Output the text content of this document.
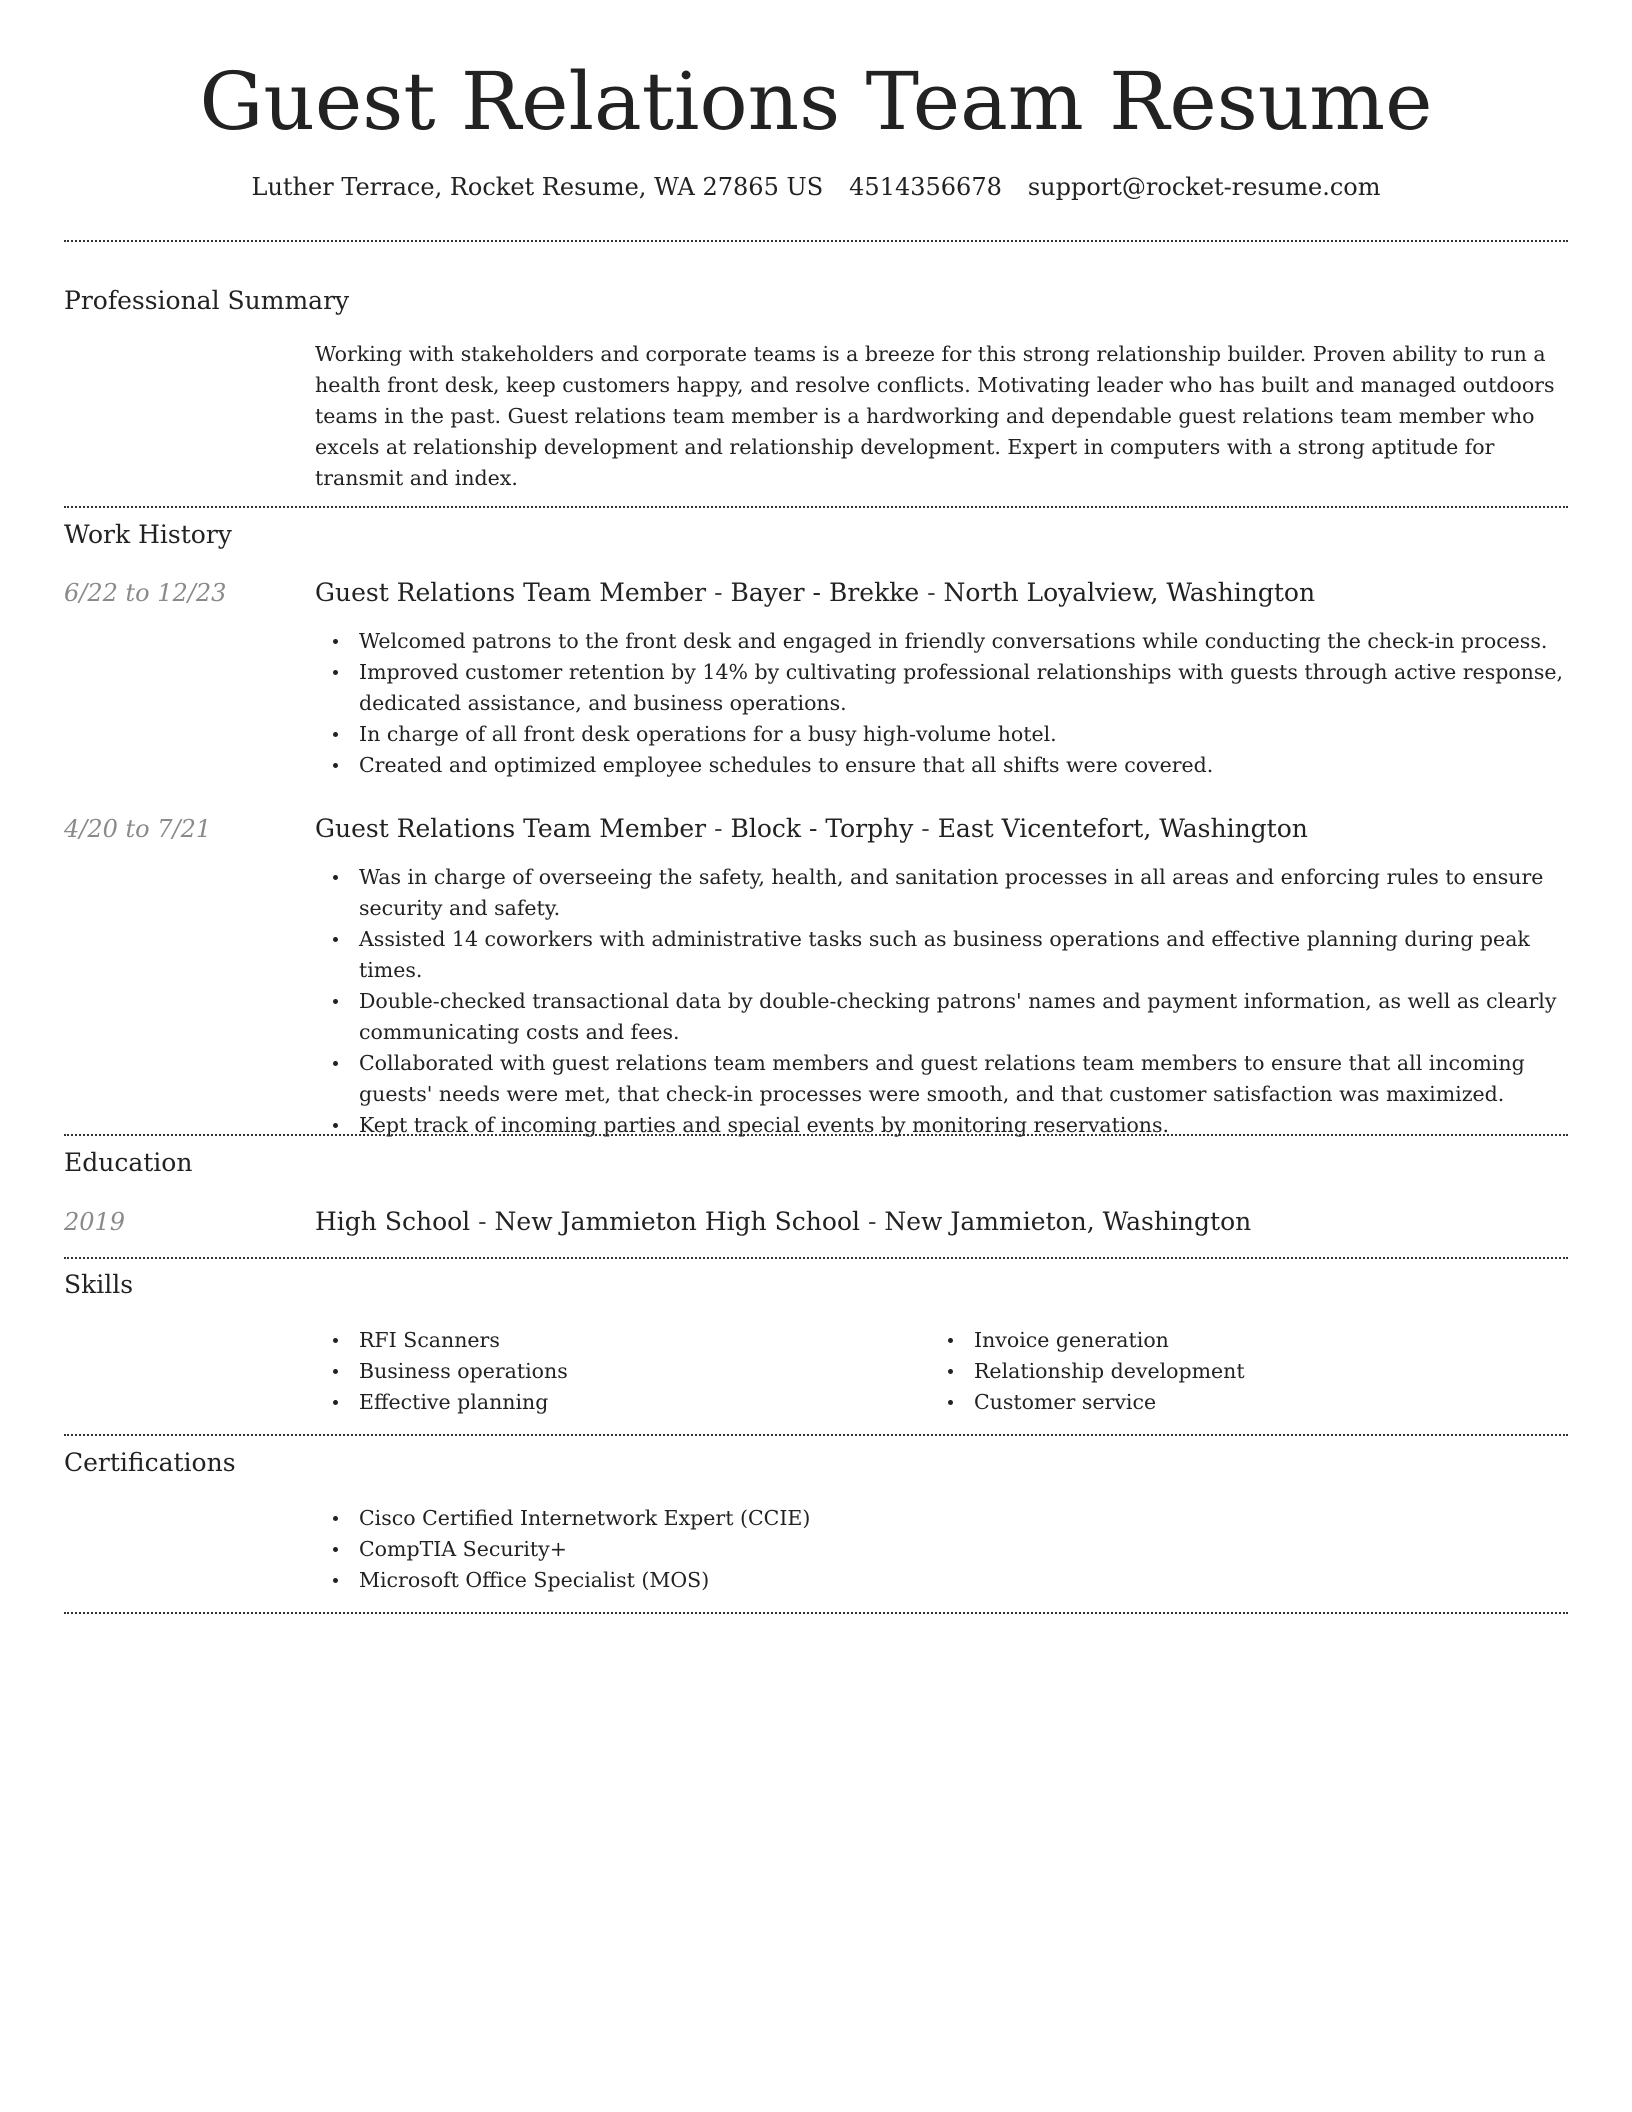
Guest Relations Team Resume
Luther Terrace, Rocket Resume, WA 27865 US 4514356678 support@rocket-resume.com
Professional Summary
Working with stakeholders and corporate teams is a breeze for this strong relationship builder. Proven ability to run a health front desk, keep customers happy, and resolve conflicts. Motivating leader who has built and managed outdoors teams in the past. Guest relations team member is a hardworking and dependable guest relations team member who excels at relationship development and relationship development. Expert in computers with a strong aptitude for transmit and index.
Work History
6/22 to 12/23	Guest Relations Team Member - Bayer - Brekke - North Loyalview, Washington
Welcomed patrons to the front desk and engaged in friendly conversations while conducting the check-in process.
Improved customer retention by 14% by cultivating professional relationships with guests through active response, dedicated assistance, and business operations.
In charge of all front desk operations for a busy high-volume hotel.
Created and optimized employee schedules to ensure that all shifts were covered.
4/20 to 7/21	Guest Relations Team Member - Block - Torphy - East Vicentefort, Washington
Was in charge of overseeing the safety, health, and sanitation processes in all areas and enforcing rules to ensure security and safety.
Assisted 14 coworkers with administrative tasks such as business operations and effective planning during peak times.
Double-checked transactional data by double-checking patrons' names and payment information, as well as clearly communicating costs and fees.
Collaborated with guest relations team members and guest relations team members to ensure that all incoming guests' needs were met, that check-in processes were smooth, and that customer satisfaction was maximized.
Kept track of incoming parties and special events by monitoring reservations.
Education
2019	High School - New Jammieton High School - New Jammieton, Washington
Skills
RFI Scanners
Business operations
Effective planning
Invoice generation
Relationship development
Customer service
Certifications
Cisco Certified Internetwork Expert (CCIE)
CompTIA Security+
Microsoft Office Specialist (MOS)
